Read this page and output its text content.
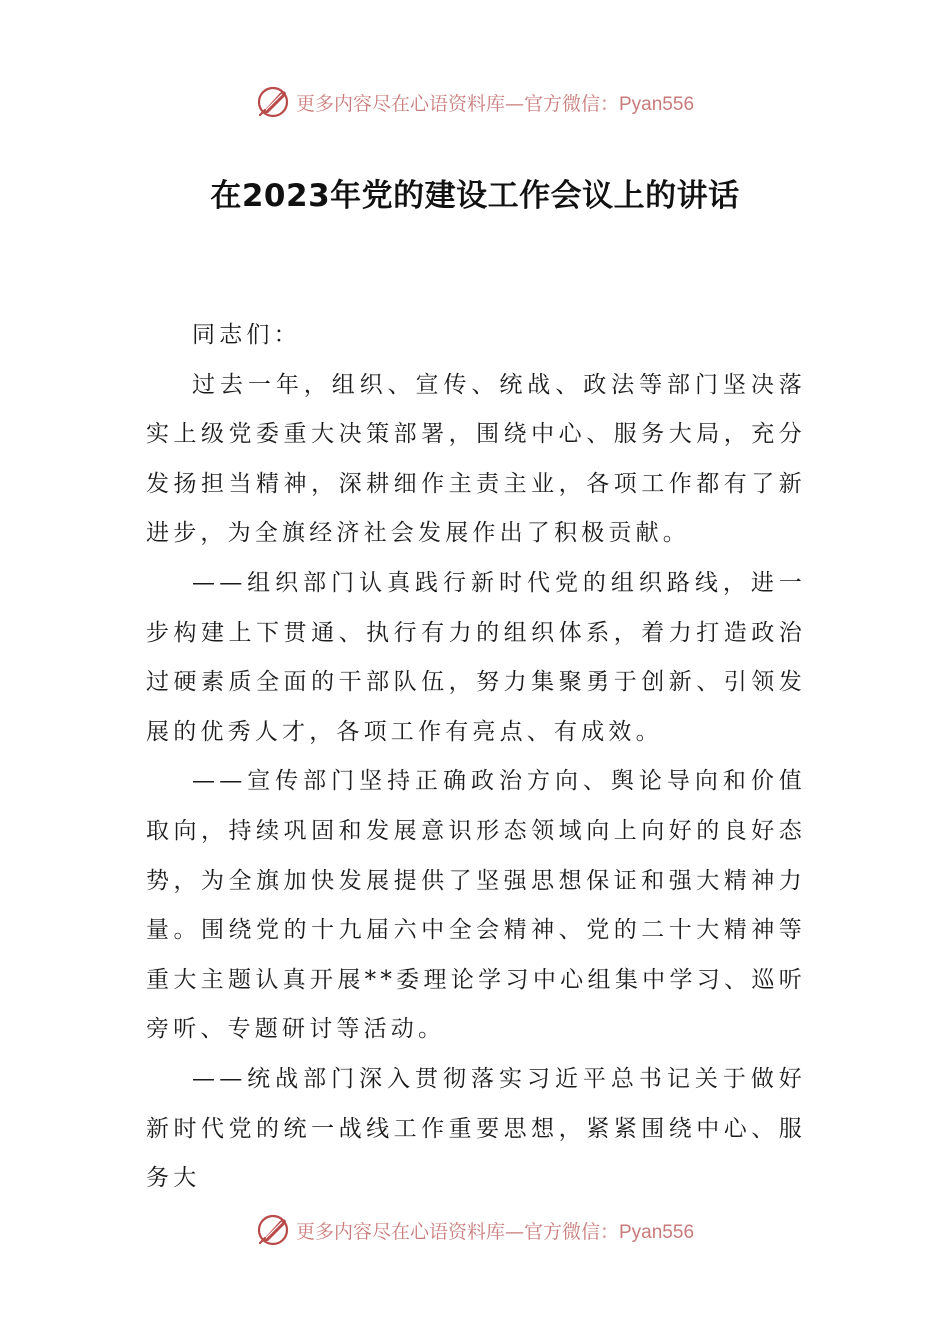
更多内容尽在心语资料库—官方微信：Pyan556
在2023年党的建设工作会议上的讲话

同志们：

过去一年，组织、宣传、统战、政法等部门坚决落实上级党委重大决策部署，围绕中心、服务大局，充分发扬担当精神，深耕细作主责主业，各项工作都有了新进步，为全旗经济社会发展作出了积极贡献。

——组织部门认真践行新时代党的组织路线，进一步构建上下贯通、执行有力的组织体系，着力打造政治过硬素质全面的干部队伍，努力集聚勇于创新、引领发展的优秀人才，各项工作有亮点、有成效。

——宣传部门坚持正确政治方向、舆论导向和价值取向，持续巩固和发展意识形态领域向上向好的良好态势，为全旗加快发展提供了坚强思想保证和强大精神力量。围绕党的十九届六中全会精神、党的二十大精神等重大主题认真开展**委理论学习中心组集中学习、巡听旁听、专题研讨等活动。

——统战部门深入贯彻落实习近平总书记关于做好新时代党的统一战线工作重要思想，紧紧围绕中心、服务大

更多内容尽在心语资料库—官方微信：Pyan556
